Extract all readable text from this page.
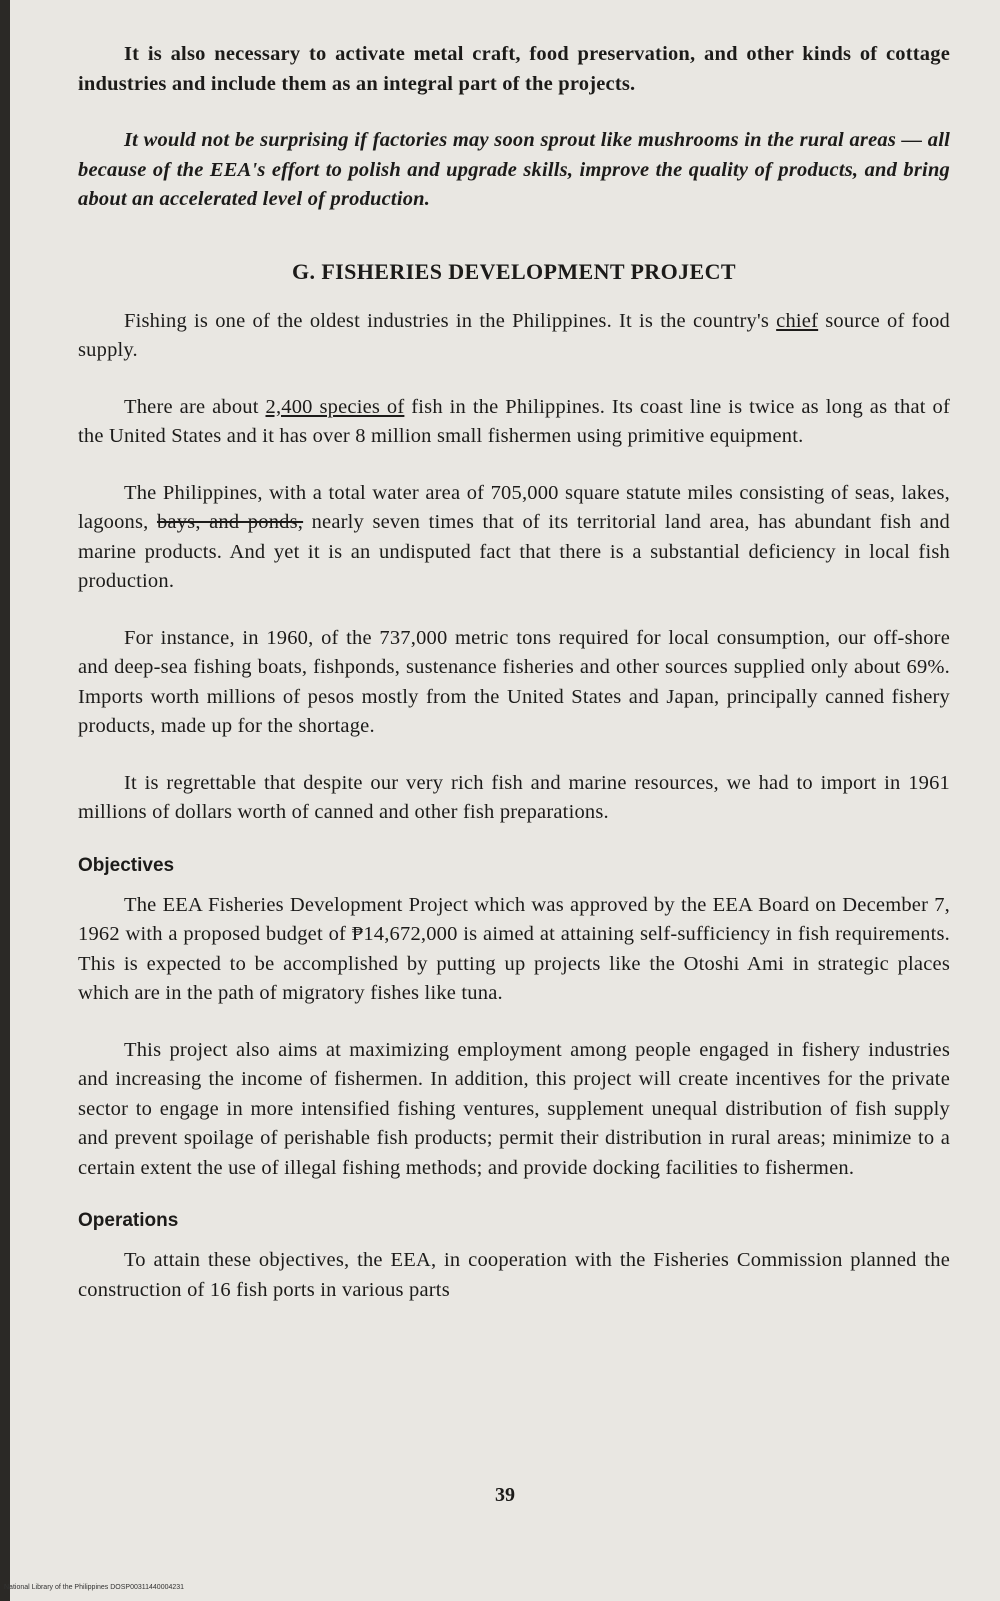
It is also necessary to activate metal craft, food preservation, and other kinds of cottage industries and include them as an integral part of the projects.

It would not be surprising if factories may soon sprout like mushrooms in the rural areas — all because of the EEA's effort to polish and upgrade skills, improve the quality of products, and bring about an accelerated level of production.

G. FISHERIES DEVELOPMENT PROJECT

Fishing is one of the oldest industries in the Philippines. It is the country's chief source of food supply.

There are about 2,400 species of fish in the Philippines. Its coast line is twice as long as that of the United States and it has over 8 million small fishermen using primitive equipment.

The Philippines, with a total water area of 705,000 square statute miles consisting of seas, lakes, lagoons, bays, and ponds, nearly seven times that of its territorial land area, has abundant fish and marine products. And yet it is an undisputed fact that there is a substantial deficiency in local fish production.

For instance, in 1960, of the 737,000 metric tons required for local consumption, our off-shore and deep-sea fishing boats, fishponds, sustenance fisheries and other sources supplied only about 69%. Imports worth millions of pesos mostly from the United States and Japan, principally canned fishery products, made up for the shortage.

It is regrettable that despite our very rich fish and marine resources, we had to import in 1961 millions of dollars worth of canned and other fish preparations.

Objectives

The EEA Fisheries Development Project which was approved by the EEA Board on December 7, 1962 with a proposed budget of ₱14,672,000 is aimed at attaining self-sufficiency in fish requirements. This is expected to be accomplished by putting up projects like the Otoshi Ami in strategic places which are in the path of migratory fishes like tuna.

This project also aims at maximizing employment among people engaged in fishery industries and increasing the income of fishermen. In addition, this project will create incentives for the private sector to engage in more intensified fishing ventures, supplement unequal distribution of fish supply and prevent spoilage of perishable fish products; permit their distribution in rural areas; minimize to a certain extent the use of illegal fishing methods; and provide docking facilities to fishermen.

Operations

To attain these objectives, the EEA, in cooperation with the Fisheries Commission planned the construction of 16 fish ports in various parts

39
National Library of the Philippines DOSP00311440004231
